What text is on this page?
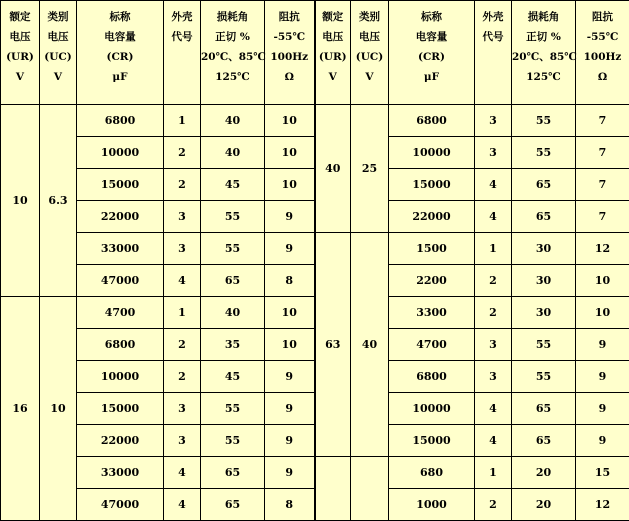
额定
电压
(UR)
V	类别
电压
(UC)
V	标称
电容量
(CR)
μF	外壳
代号	损耗角
正切 %
20℃、85℃
125℃	阻抗
-55℃
100Hz
Ω	额定
电压
(UR)
V	类别
电压
(UC)
V	标称
电容量
(CR)
μF	外壳
代号	损耗角
正切 %
20℃、85℃
125℃	阻抗
-55℃
100Hz
Ω

10	6.3	6800	1	40	10	40	25	6800	3	55	7
		10000	2	40	10			10000	3	55	7
		15000	2	45	10			15000	4	65	7
		22000	3	55	9			22000	4	65	7
		33000	3	55	9	63	40	1500	1	30	12
		47000	4	65	8			2200	2	30	10
16	10	4700	1	40	10			3300	2	30	10
		6800	2	35	10			4700	3	55	9
		10000	2	45	9			6800	3	55	9
		15000	3	55	9			10000	4	65	9
		22000	3	55	9			15000	4	65	9
		33000	4	65	9			680	1	20	15
		47000	4	65	8			1000	2	20	12
